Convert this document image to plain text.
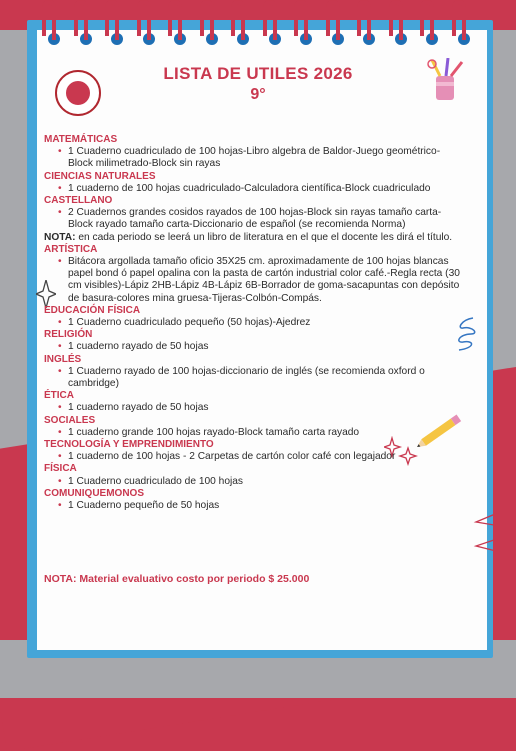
LISTA DE UTILES 2026
9°
MATEMÁTICAS
• 1 Cuaderno cuadriculado de 100 hojas-Libro algebra de Baldor-Juego geométrico-Block milimetrado-Block sin rayas
CIENCIAS NATURALES
• 1 cuaderno de 100 hojas cuadriculado-Calculadora científica-Block cuadriculado
CASTELLANO
• 2 Cuadernos grandes cosidos rayados de 100 hojas-Block sin rayas tamaño carta-Block rayado tamaño carta-Diccionario de español (se recomienda Norma)
NOTA: en cada periodo se leerá un libro de literatura en el que el docente les dirá el título.
ARTÍSTICA
• Bitácora argollada tamaño oficio 35X25 cm. aproximadamente de 100 hojas blancas papel bond ó papel opalina con la pasta de cartón industrial color café.-Regla recta (30 cm visibles)-Lápiz 2HB-Lápiz 4B-Lápiz 6B-Borrador de goma-sacapuntas con depósito de basura-colores mina gruesa-Tijeras-Colbón-Compás.
EDUCACIÓN FÍSICA
• 1 Cuaderno cuadriculado pequeño (50 hojas)-Ajedrez
RELIGIÓN
• 1 cuaderno rayado de 50 hojas
INGLÉS
• 1 Cuaderno rayado de 100 hojas-diccionario de inglés (se recomienda oxford o cambridge)
ÉTICA
• 1 cuaderno rayado de 50 hojas
SOCIALES
• 1 cuaderno grande 100 hojas rayado-Block tamaño carta rayado
TECNOLOGÍA Y EMPRENDIMIENTO
• 1 cuaderno de 100 hojas - 2 Carpetas de cartón color café con legajador
FÍSICA
• 1 Cuaderno cuadriculado de 100 hojas
COMUNIQUEMONOS
• 1 Cuaderno pequeño de 50 hojas
NOTA: Material evaluativo costo por periodo $ 25.000
